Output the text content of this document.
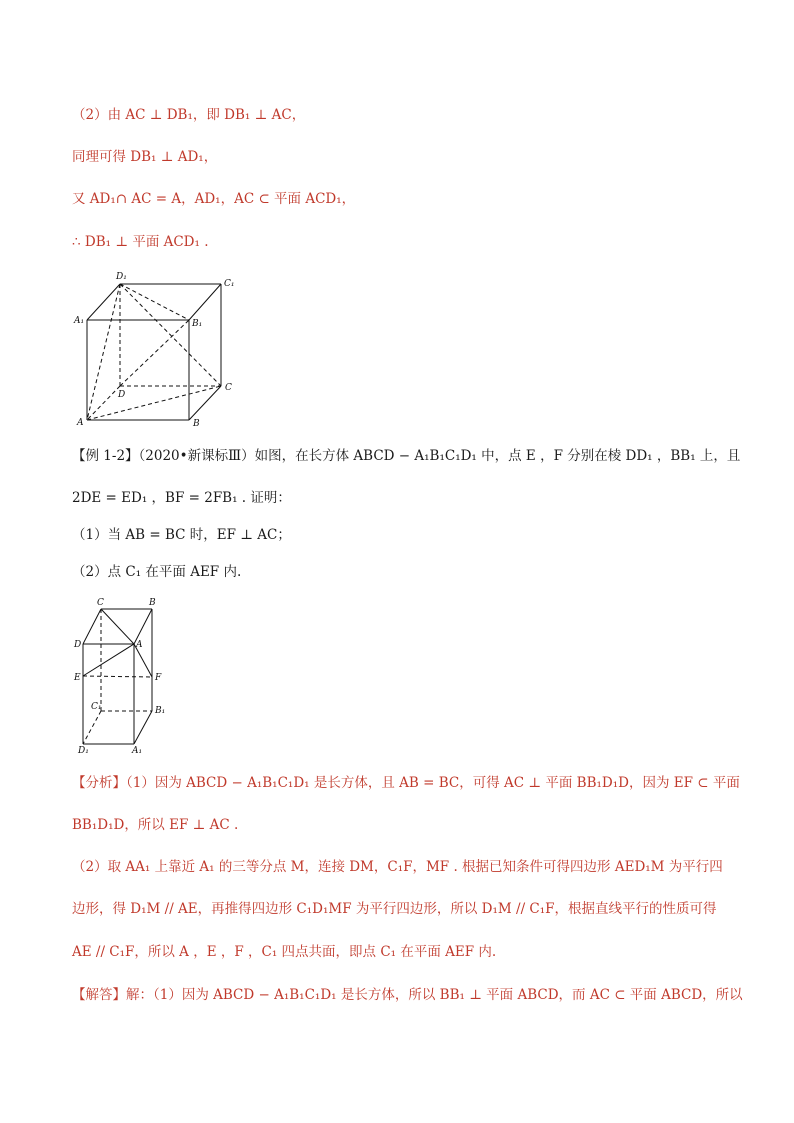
（2）由 AC ⊥ DB₁，即 DB₁ ⊥ AC，
同理可得 DB₁ ⊥ AD₁，
又 AD₁∩ AC = A，AD₁，AC ⊂ 平面 ACD₁，
∴ DB₁ ⊥ 平面 ACD₁ .
D₁
C₁
A₁	B₁
D
C
A	B
【例 1-2】（2020•新课标Ⅲ）如图，在长方体 ABCD − A₁B₁C₁D₁ 中，点 E ，F 分别在棱 DD₁ ，BB₁ 上，且
2DE = ED₁ ，BF = 2FB₁ . 证明：
（1）当 AB = BC 时，EF ⊥ AC；
（2）点 C₁ 在平面 AEF 内.
C	B
D	A
E	F
C₁	B₁
D₁	A₁
【分析】（1）因为 ABCD − A₁B₁C₁D₁ 是长方体，且 AB = BC，可得 AC ⊥ 平面 BB₁D₁D，因为 EF ⊂ 平面
BB₁D₁D，所以 EF ⊥ AC .
（2）取 AA₁ 上靠近 A₁ 的三等分点 M，连接 DM，C₁F，MF . 根据已知条件可得四边形 AED₁M 为平行四
边形，得 D₁M // AE，再推得四边形 C₁D₁MF 为平行四边形，所以 D₁M // C₁F，根据直线平行的性质可得
AE // C₁F，所以 A ，E ，F ，C₁ 四点共面，即点 C₁ 在平面 AEF 内.
【解答】解：（1）因为 ABCD − A₁B₁C₁D₁ 是长方体，所以 BB₁ ⊥ 平面 ABCD，而 AC ⊂ 平面 ABCD，所以
